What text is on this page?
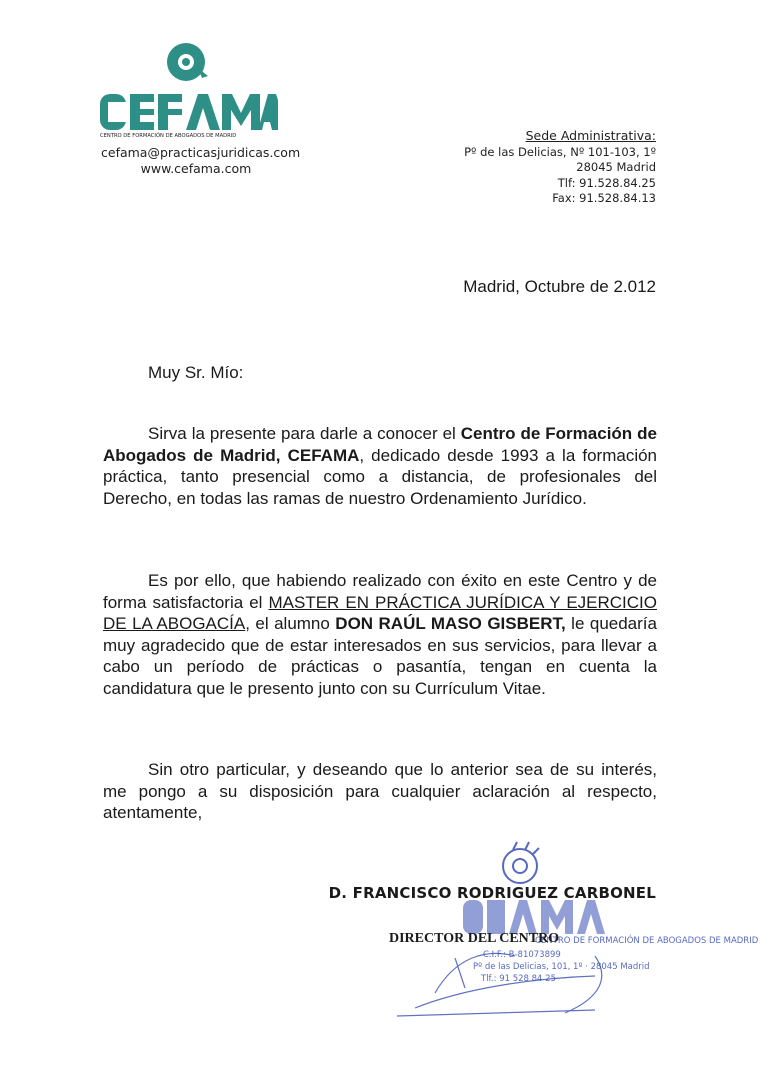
CENTRO DE FORMACIÓN DE ABOGADOS DE MADRID
cefama@practicasjuridicas.com
www.cefama.com
Sede Administrativa:
Pº de las Delicias, Nº 101-103, 1º
28045 Madrid
Tlf: 91.528.84.25
Fax: 91.528.84.13
Madrid, Octubre de 2.012
Muy Sr. Mío:
Sirva la presente para darle a conocer el Centro de Formación de Abogados de Madrid, CEFAMA, dedicado desde 1993 a la formación práctica, tanto presencial como a distancia, de profesionales del Derecho, en todas las ramas de nuestro Ordenamiento Jurídico.
Es por ello, que habiendo realizado con éxito en este Centro y de forma satisfactoria el MASTER EN PRÁCTICA JURÍDICA Y EJERCICIO DE LA ABOGACÍA, el alumno DON RAÚL MASO GISBERT, le quedaría muy agradecido que de estar interesados en sus servicios, para llevar a cabo un período de prácticas o pasantía, tengan en cuenta la candidatura que le presento junto con su Currículum Vitae.
Sin otro particular, y deseando que lo anterior sea de su interés, me pongo a su disposición para cualquier aclaración al respecto, atentamente,
CENTRO DE FORMACIÓN DE ABOGADOS DE MADRID
C.I.F.: B-81073899
Pº de las Delicias, 101, 1º · 28045 Madrid
Tlf.: 91 528 84 25
D. FRANCISCO RODRIGUEZ CARBONEL
DIRECTOR DEL CENTRO
